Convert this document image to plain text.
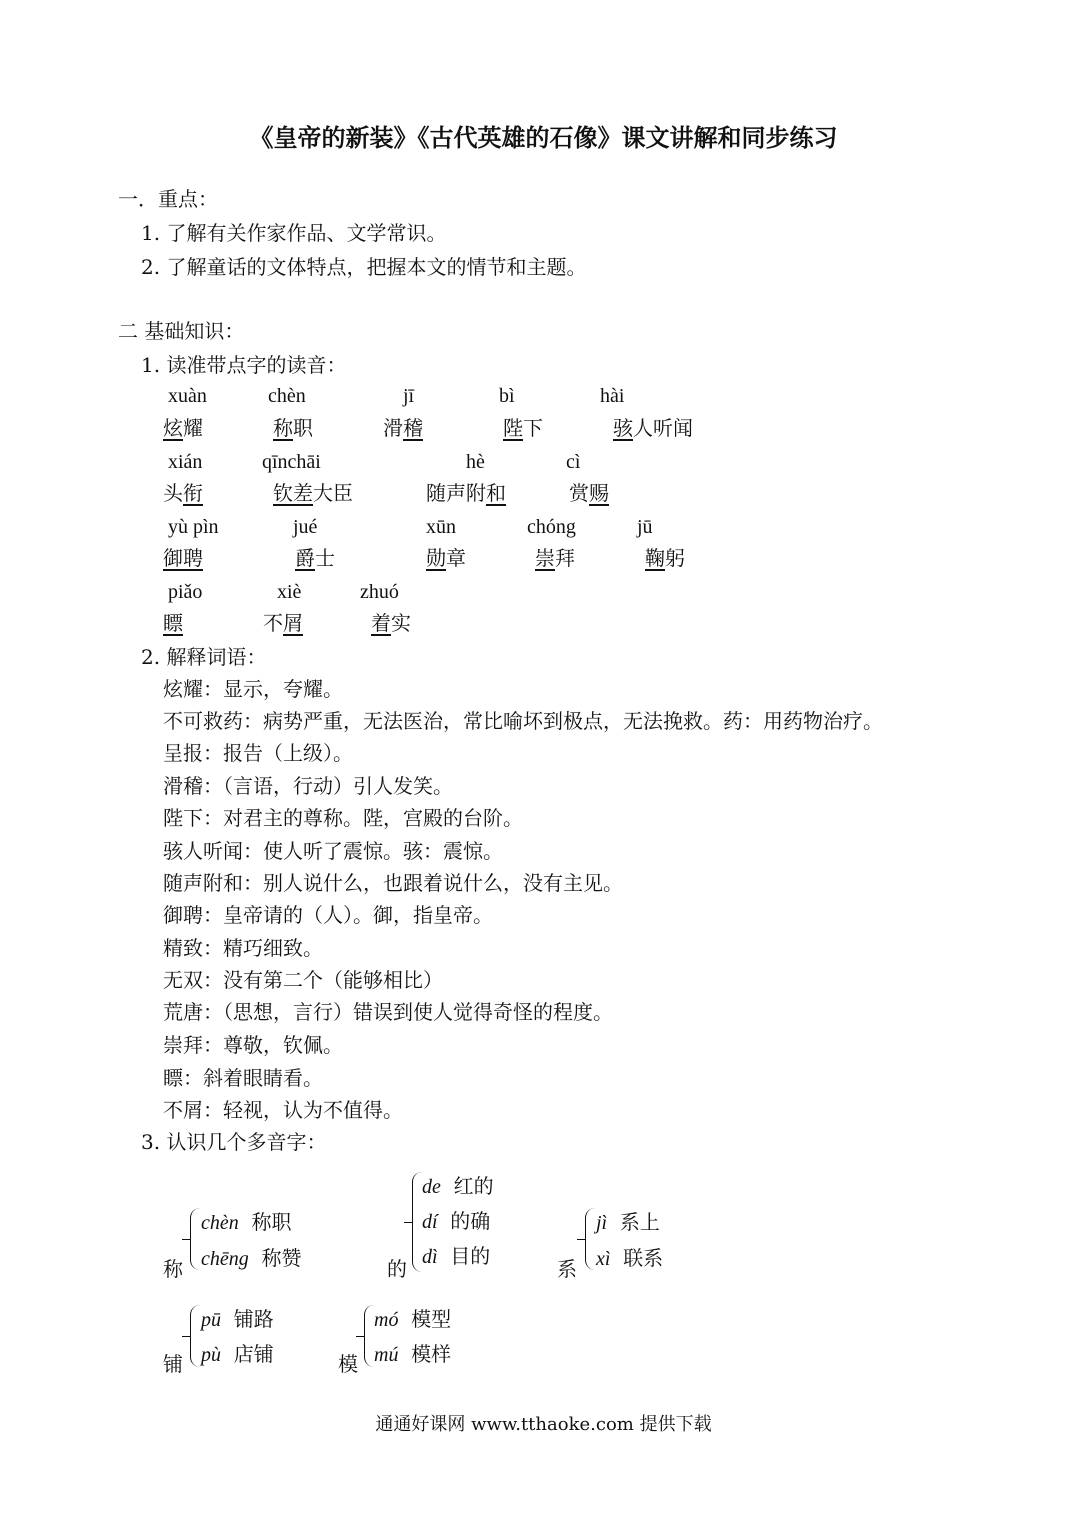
《皇帝的新装》《古代英雄的石像》课文讲解和同步练习
一．重点：
1. 了解有关作家作品、文学常识。
2. 了解童话的文体特点，把握本文的情节和主题。
二 基础知识：
1. 读准带点字的读音：
xuàn	chèn	jī	bì	hài
炫耀	称职	滑稽	陛下	骇人听闻
xián	qīnchāi	hè	cì
头衔	钦差大臣	随声附和	赏赐
yù pìn	jué	xūn	chóng	jū
御聘	爵士	勋章	崇拜	鞠躬
piǎo	xiè	zhuó
瞟	不屑	着实
2. 解释词语：
炫耀：显示，夸耀。
不可救药：病势严重，无法医治，常比喻坏到极点，无法挽救。药：用药物治疗。
呈报：报告（上级）。
滑稽：（言语，行动）引人发笑。
陛下：对君主的尊称。陛，宫殿的台阶。
骇人听闻：使人听了震惊。骇：震惊。
随声附和：别人说什么，也跟着说什么，没有主见。
御聘：皇帝请的（人）。御，指皇帝。
精致：精巧细致。
无双：没有第二个（能够相比）
荒唐：（思想，言行）错误到使人觉得奇怪的程度。
崇拜：尊敬，钦佩。
瞟：斜着眼睛看。
不屑：轻视，认为不值得。
3. 认识几个多音字：
称
chèn 称职
chēng 称赞	的
de 红的
dí 的确
dì 目的
系
jì 系上
xì 联系
铺
pū 铺路
pù 店铺	模
mó 模型
mú 模样
通通好课网 www.tthaoke.com 提供下载
